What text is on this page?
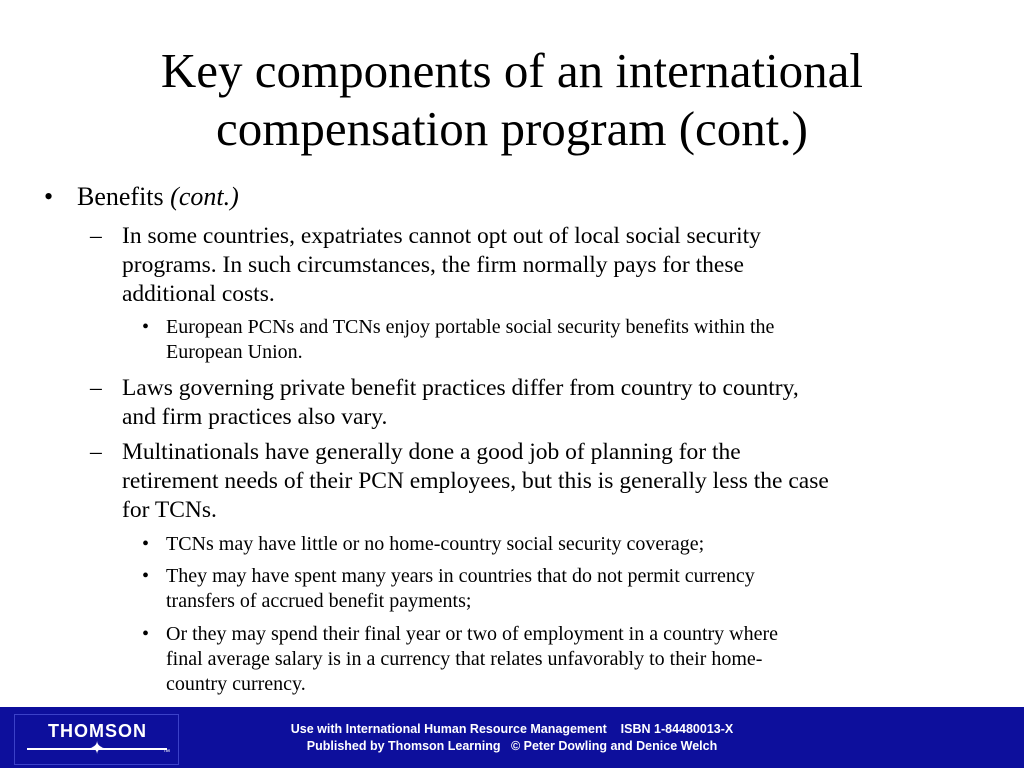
Key components of an international
compensation program (cont.)
• Benefits (cont.)
– In some countries, expatriates cannot opt out of local social security
programs. In such circumstances, the firm normally pays for these
additional costs.
• European PCNs and TCNs enjoy portable social security benefits within the
European Union.
– Laws governing private benefit practices differ from country to country,
and firm practices also vary.
– Multinationals have generally done a good job of planning for the
retirement needs of their PCN employees, but this is generally less the case
for TCNs.
• TCNs may have little or no home-country social security coverage;
• They may have spent many years in countries that do not permit currency
transfers of accrued benefit payments;
• Or they may spend their final year or two of employment in a country where
final average salary is in a currency that relates unfavorably to their home-
country currency.
THOMSON
✦	™
Use with International Human Resource Management    ISBN 1-84480013-X
Published by Thomson Learning   © Peter Dowling and Denice Welch
